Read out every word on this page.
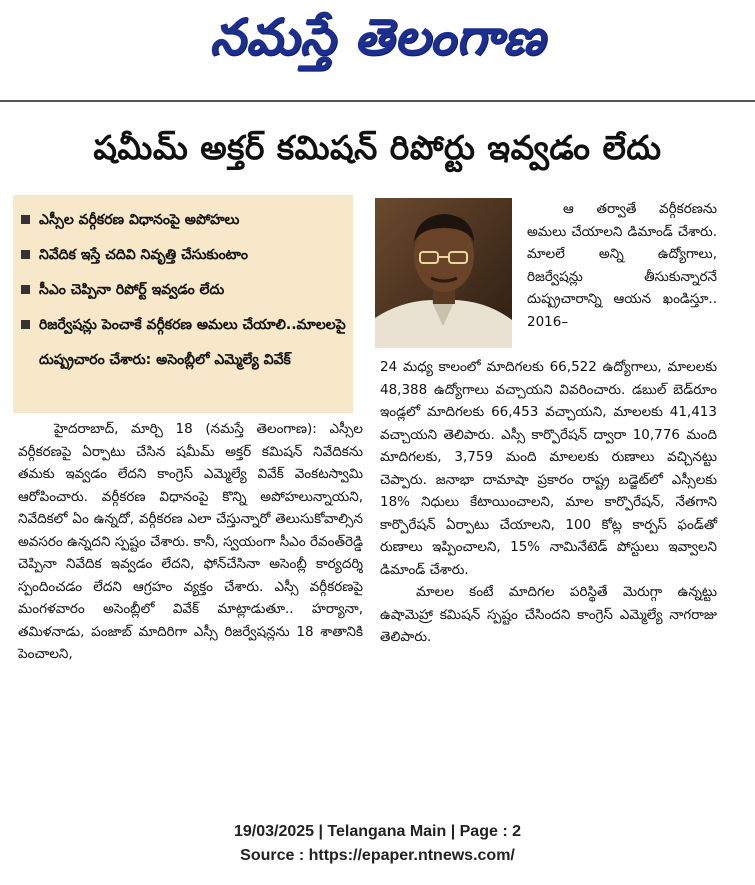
నమస్తే తెలంగాణ
షమీమ్ అక్తర్ కమిషన్ రిపోర్టు ఇవ్వడం లేదు
ఎస్సీల వర్గీకరణ విధానంపై అపోహలు
నివేదిక ఇస్తే చదివి నివృత్తి చేసుకుంటాం
సీఎం చెప్పినా రిపోర్ట్ ఇవ్వడం లేదు
రిజర్వేషన్లు పెంచాకే వర్గీకరణ అమలు చేయాలి..మాలలపై దుష్ప్రచారం చేశారు: అసెంబ్లీలో ఎమ్మెల్యే వివేక్

ఆ తర్వాతే వర్గీకరణను అమలు చేయాలని డిమాండ్ చేశారు. మాలలే అన్ని ఉద్యోగాలు, రిజర్వేషన్లు తీసుకున్నారనే దుష్ప్రచారాన్ని ఆయన ఖండిస్తూ.. 2016–

హైదరాబాద్, మార్చి 18 (నమస్తే తెలంగాణ): ఎస్సీల వర్గీకరణపై ఏర్పాటు చేసిన షమీమ్ అక్తర్ కమిషన్ నివేదికను తమకు ఇవ్వడం లేదని కాంగ్రెస్ ఎమ్మెల్యే వివేక్ వెంకటస్వామి ఆరోపించారు. వర్గీకరణ విధానంపై కొన్ని అపోహలున్నాయని, నివేదికలో ఏం ఉన్నదో, వర్గీకరణ ఎలా చేస్తున్నారో తెలుసుకోవాల్సిన అవసరం ఉన్నదని స్పష్టం చేశారు. కానీ, స్వయంగా సీఎం రేవంత్‌రెడ్డి చెప్పినా నివేదిక ఇవ్వడం లేదని, ఫోన్‌చేసినా అసెంబ్లీ కార్యదర్శి స్పందించడం లేదని ఆగ్రహం వ్యక్తం చేశారు. ఎస్సీ వర్గీకరణపై మంగళవారం అసెంబ్లీలో వివేక్ మాట్లాడుతూ.. హర్యానా, తమిళనాడు, పంజాబ్ మాదిరిగా ఎస్సీ రిజర్వేషన్లను 18 శాతానికి పెంచాలని,

24 మధ్య కాలంలో మాదిగలకు 66,522 ఉద్యోగాలు, మాలలకు 48,388 ఉద్యోగాలు వచ్చాయని వివరించారు. డబుల్ బెడ్‌రూం ఇండ్లలో మాదిగలకు 66,453 వచ్చాయని, మాలలకు 41,413 వచ్చాయని తెలిపారు. ఎస్సీ కార్పొరేషన్ ద్వారా 10,776 మంది మాదిగలకు, 3,759 మంది మాలలకు రుణాలు వచ్చినట్టు చెప్పారు. జనాభా దామాషా ప్రకారం రాష్ట్ర బడ్జెట్‌లో ఎస్సీలకు 18% నిధులు కేటాయించాలని, మాల కార్పొరేషన్, నేతగాని కార్పొరేషన్ ఏర్పాటు చేయాలని, 100 కోట్ల కార్పస్ ఫండ్‌తో రుణాలు ఇప్పించాలని, 15% నామినేటెడ్ పోస్టులు ఇవ్వాలని డిమాండ్ చేశారు.

మాలల కంటే మాదిగల పరిస్థితే మెరుగ్గా ఉన్నట్టు ఉషామెహ్రా కమిషన్ స్పష్టం చేసిందని కాంగ్రెస్ ఎమ్మెల్యే నాగరాజు తెలిపారు.

19/03/2025 | Telangana Main | Page : 2
Source : https://epaper.ntnews.com/
